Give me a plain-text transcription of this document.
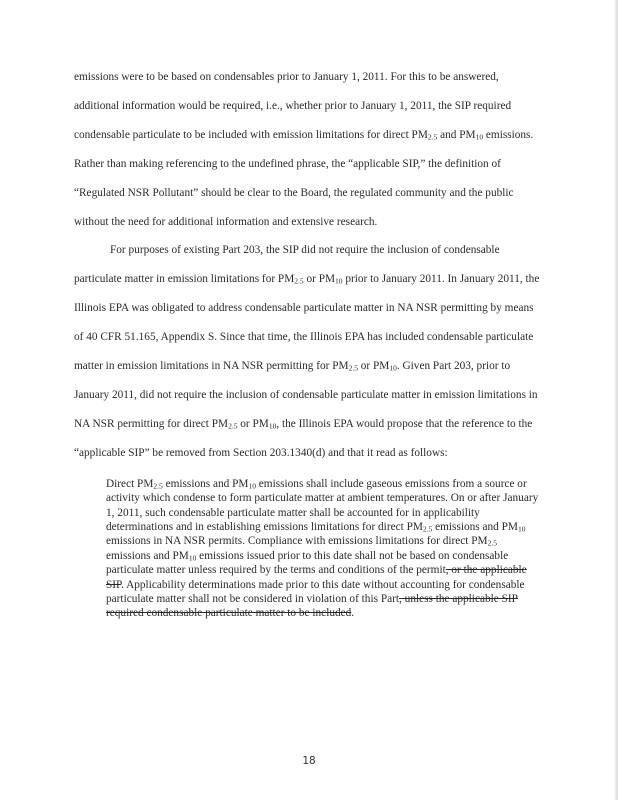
emissions were to be based on condensables prior to January 1, 2011. For this to be answered, additional information would be required, i.e., whether prior to January 1, 2011, the SIP required condensable particulate to be included with emission limitations for direct $PM_{2.5}$ and $PM_{10}$ emissions. Rather than making referencing to the undefined phrase, the “applicable SIP,” the definition of “Regulated NSR Pollutant” should be clear to the Board, the regulated community and the public without the need for additional information and extensive research.

For purposes of existing Part 203, the SIP did not require the inclusion of condensable particulate matter in emission limitations for $PM_{2.5}$ or $PM_{10}$ prior to January 2011. In January 2011, the Illinois EPA was obligated to address condensable particulate matter in NA NSR permitting by means of 40 CFR 51.165, Appendix S. Since that time, the Illinois EPA has included condensable particulate matter in emission limitations in NA NSR permitting for $PM_{2.5}$ or $PM_{10}$. Given Part 203, prior to January 2011, did not require the inclusion of condensable particulate matter in emission limitations in NA NSR permitting for direct $PM_{2.5}$ or $PM_{10}$, the Illinois EPA would propose that the reference to the “applicable SIP” be removed from Section 203.1340(d) and that it read as follows:

Direct $PM_{2.5}$ emissions and $PM_{10}$ emissions shall include gaseous emissions from a source or activity which condense to form particulate matter at ambient temperatures. On or after January 1, 2011, such condensable particulate matter shall be accounted for in applicability determinations and in establishing emissions limitations for direct $PM_{2.5}$ emissions and $PM_{10}$ emissions in NA NSR permits. Compliance with emissions limitations for direct $PM_{2.5}$ emissions and $PM_{10}$ emissions issued prior to this date shall not be based on condensable particulate matter unless required by the terms and conditions of the permit, or the applicable SIP. Applicability determinations made prior to this date without accounting for condensable particulate matter shall not be considered in violation of this Part, unless the applicable SIP required condensable particulate matter to be included.
18
